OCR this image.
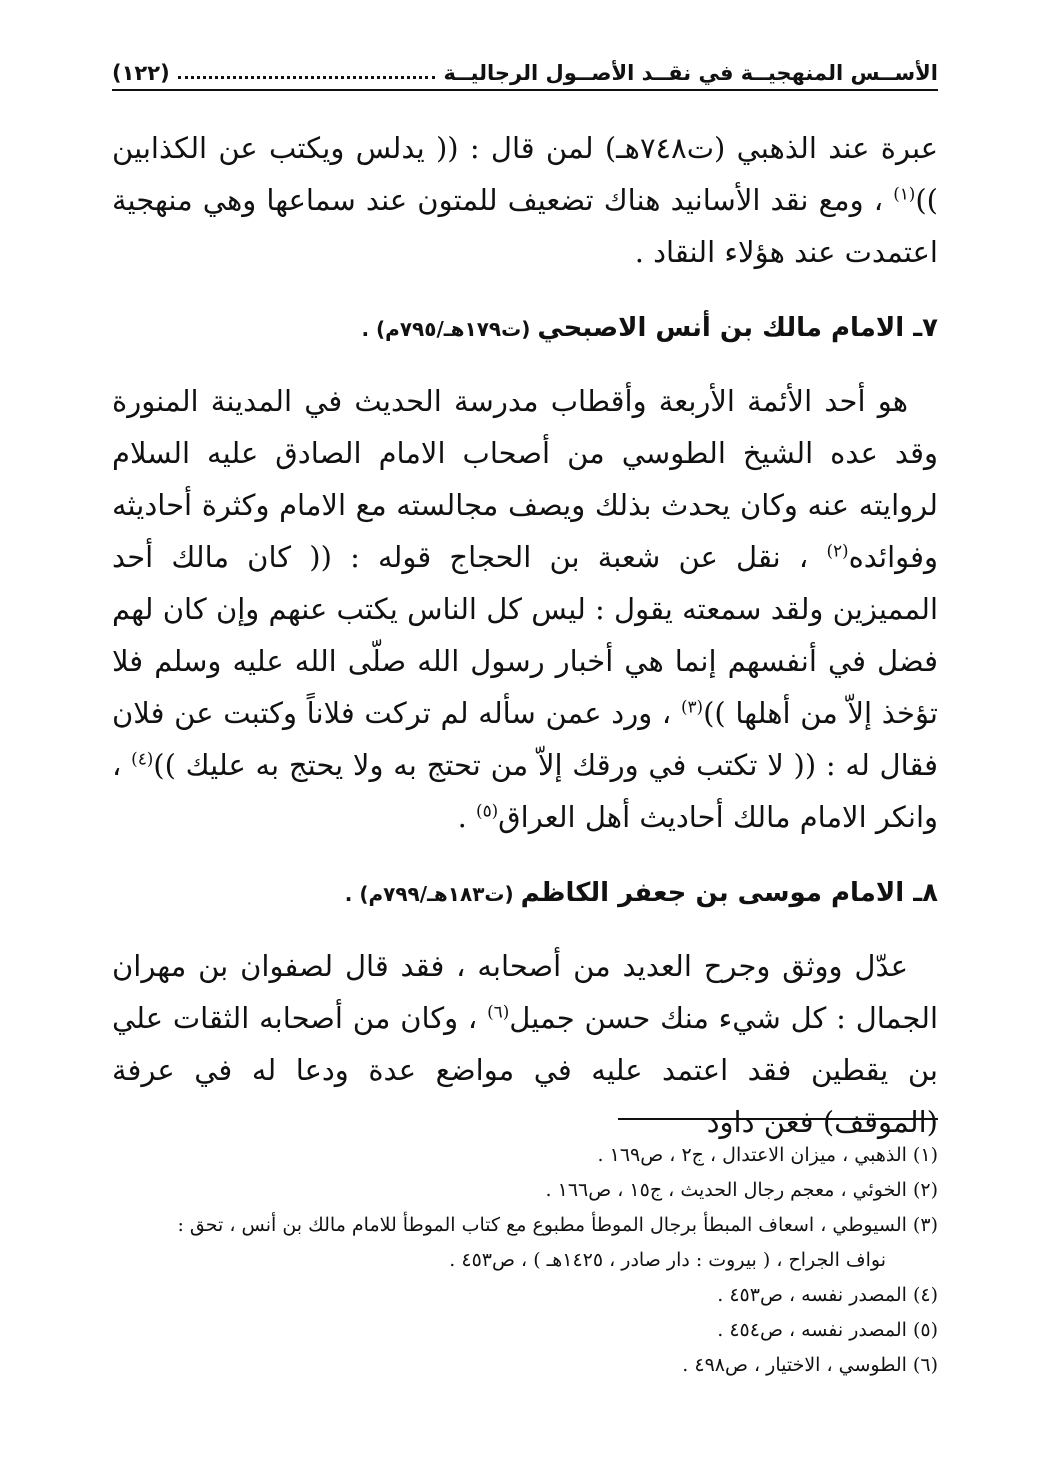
الأســس المنهجيــة في نقــد الأصــول الرجاليــة
(١٢٢)

عبرة عند الذهبي (ت٧٤٨هـ) لمن قال : (( يدلس ويكتب عن الكذابين ))$^{(١)}$ ، ومع نقد الأسانيد هناك تضعيف للمتون عند سماعها وهي منهجية اعتمدت عند هؤلاء النقاد .

٧ـ الامام مالك بن أنس الاصبحي (ت١٧٩هـ/٧٩٥م) .

هو أحد الأئمة الأربعة وأقطاب مدرسة الحديث في المدينة المنورة وقد عده الشيخ الطوسي من أصحاب الامام الصادق عليه السلام لروايته عنه وكان يحدث بذلك ويصف مجالسته مع الامام وكثرة أحاديثه وفوائده$^{(٢)}$ ، نقل عن شعبة بن الحجاج قوله : (( كان مالك أحد المميزين ولقد سمعته يقول : ليس كل الناس يكتب عنهم وإن كان لهم فضل في أنفسهم إنما هي أخبار رسول الله صلّى الله عليه وسلم فلا تؤخذ إلاّ من أهلها ))$^{(٣)}$ ، ورد عمن سأله لم تركت فلاناً وكتبت عن فلان فقال له : (( لا تكتب في ورقك إلاّ من تحتج به ولا يحتج به عليك ))$^{(٤)}$ ، وانكر الامام مالك أحاديث أهل العراق$^{(٥)}$ .

٨ـ الامام موسى بن جعفر الكاظم (ت١٨٣هـ/٧٩٩م) .

عدّل ووثق وجرح العديد من أصحابه ، فقد قال لصفوان بن مهران الجمال : كل شيء منك حسن جميل$^{(٦)}$ ، وكان من أصحابه الثقات علي بن يقطين فقد اعتمد عليه في مواضع عدة ودعا له في عرفة (الموقف) فعن داود

(١) الذهبي ، ميزان الاعتدال ، ج٢ ، ص١٦٩ .
(٢) الخوئي ، معجم رجال الحديث ، ج١٥ ، ص١٦٦ .
(٣) السيوطي ، اسعاف المبطأ برجال الموطأ مطبوع مع كتاب الموطأ للامام مالك بن أنس ، تحق :
نواف الجراح ، ( بيروت : دار صادر ، ١٤٢٥هـ ) ، ص٤٥٣ .
(٤) المصدر نفسه ، ص٤٥٣ .
(٥) المصدر نفسه ، ص٤٥٤ .
(٦) الطوسي ، الاختيار ، ص٤٩٨ .
